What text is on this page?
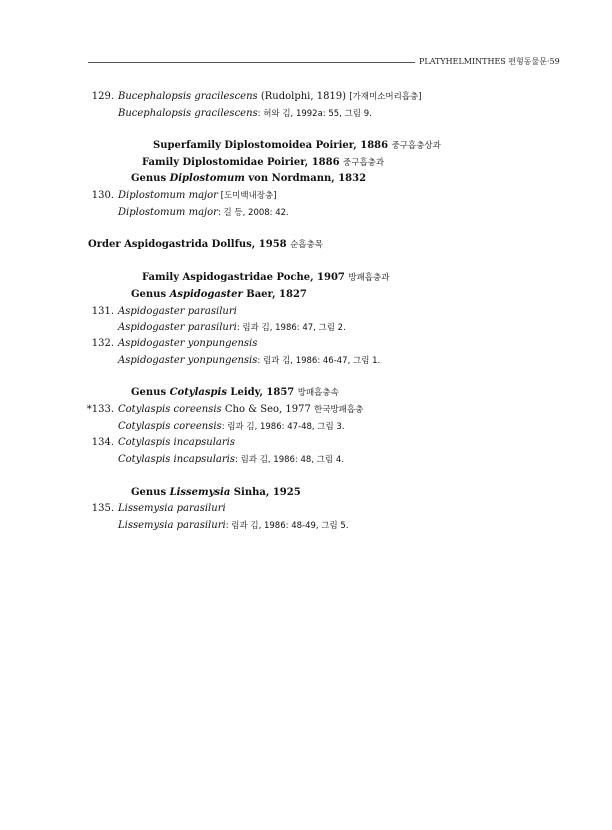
PLATYHELMINTHES 편형동물문·59
129. Bucephalopsis gracilescens (Rudolphi, 1819) [가재미소머리흡충]
Bucephalopsis gracilescens: 허와 김, 1992a: 55, 그림 9.
Superfamily Diplostomoidea Poirier, 1886 중구흡충상과
Family Diplostomidae Poirier, 1886 중구흡충과
Genus Diplostomum von Nordmann, 1832
130. Diplostomum major [도미백내장충]
Diplostomum major: 길 등, 2008: 42.
Order Aspidogastrida Dollfus, 1958 순흡충목
Family Aspidogastridae Poche, 1907 방패흡충과
Genus Aspidogaster Baer, 1827
131. Aspidogaster parasiluri
Aspidogaster parasiluri: 림과 김, 1986: 47, 그림 2.
132. Aspidogaster yonpungensis
Aspidogaster yonpungensis: 림과 김, 1986: 46-47, 그림 1.
Genus Cotylaspis Leidy, 1857 방패흡충속
*133. Cotylaspis coreensis Cho & Seo, 1977 한국방패흡충
Cotylaspis coreensis: 림과 김, 1986: 47-48, 그림 3.
134. Cotylaspis incapsularis
Cotylaspis incapsularis: 림과 김, 1986: 48, 그림 4.
Genus Lissemysia Sinha, 1925
135. Lissemysia parasiluri
Lissemysia parasiluri: 림과 김, 1986: 48-49, 그림 5.
